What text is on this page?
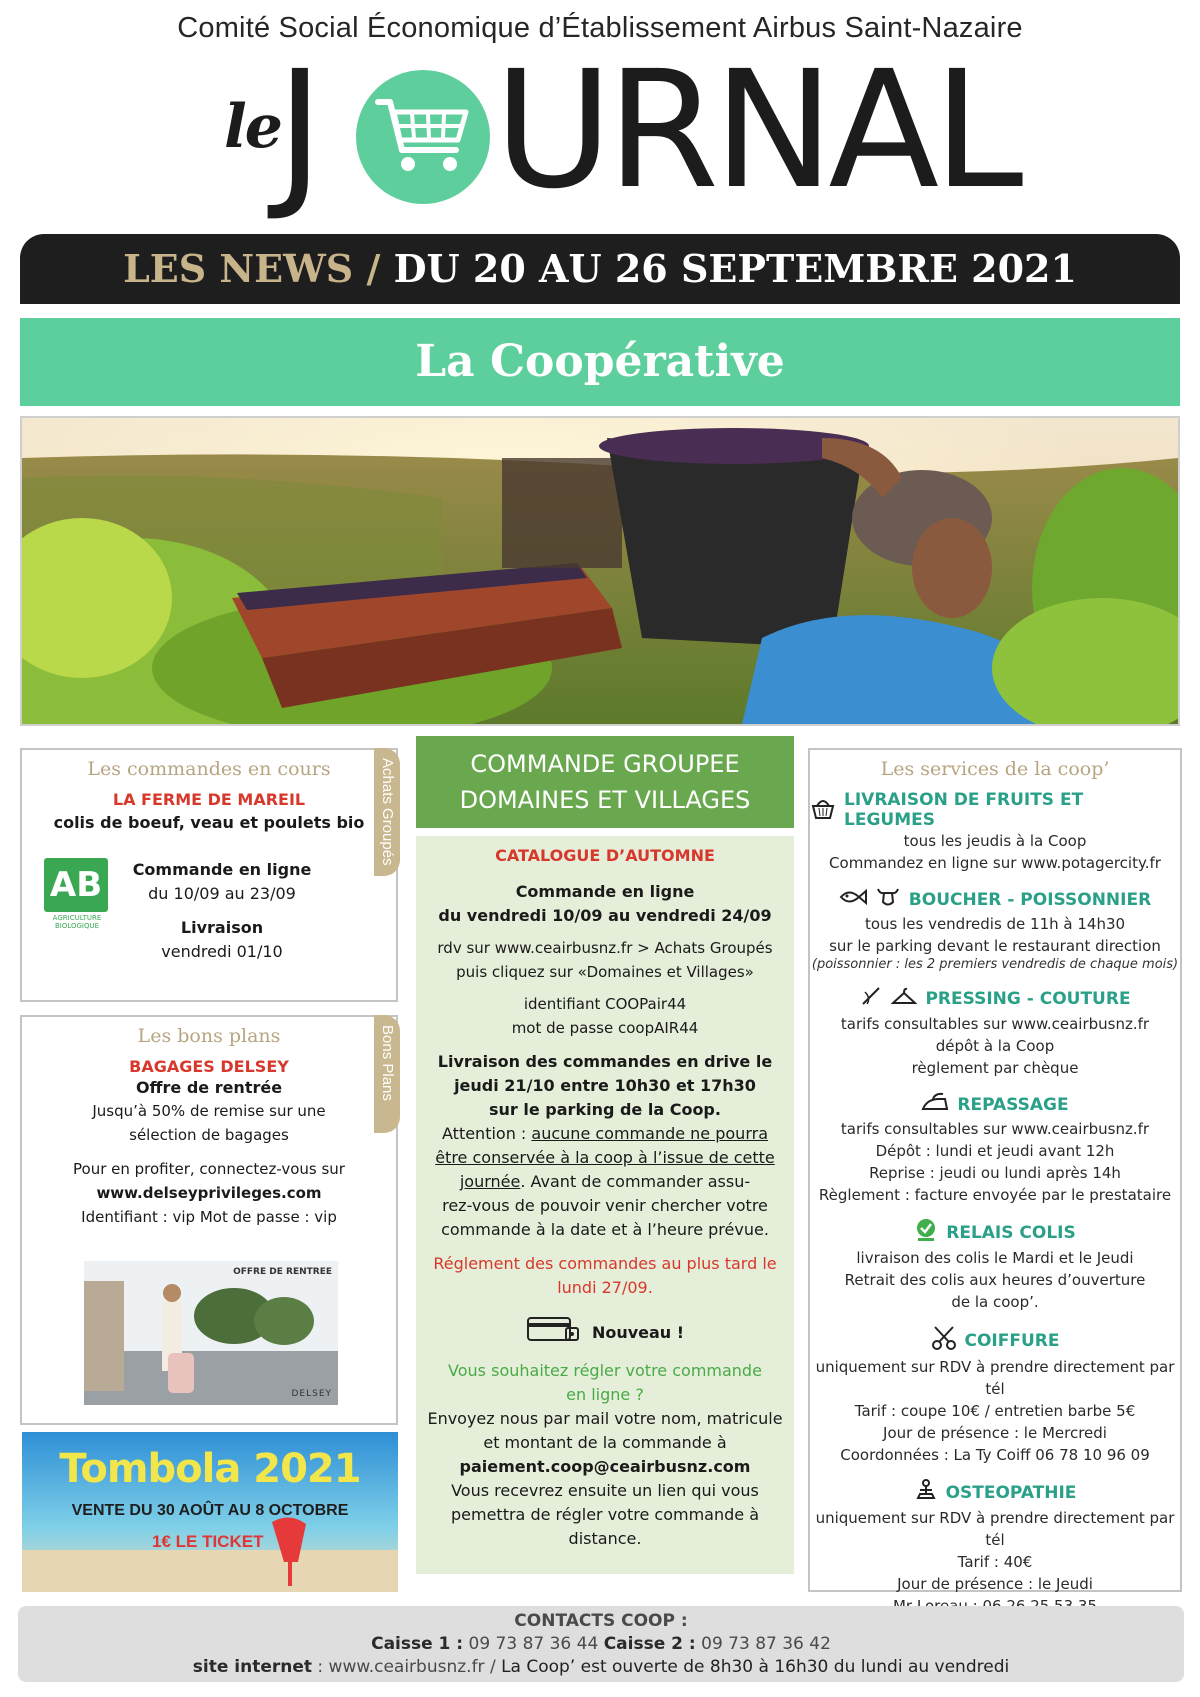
Comité Social Économique d’Établissement Airbus Saint-Nazaire
le
J URNAL
LES NEWS / DU 20 AU 26 SEPTEMBRE 2021
La Coopérative
Les commandes en cours
LA FERME DE MAREIL
colis de boeuf, veau et poulets bio
AB
AGRICULTURE
BIOLOGIQUE
Commande en ligne
du 10/09 au 23/09
Livraison
vendredi 01/10
Achats Groupés
Les bons plans
BAGAGES DELSEY
Offre de rentrée
Jusqu’à 50% de remise sur une
sélection de bagages
Pour en profiter, connectez-vous sur
www.delseyprivileges.com
Identifiant : vip Mot de passe : vip
OFFRE DE RENTREE
DELSEY
Bons Plans
Tombola 2021
VENTE DU 30 AOÛT AU 8 OCTOBRE
1€ LE TICKET
COMMANDE GROUPEE
DOMAINES ET VILLAGES
CATALOGUE D’AUTOMNE
Commande en ligne
du vendredi 10/09 au vendredi 24/09
rdv sur www.ceairbusnz.fr > Achats Groupés
puis cliquez sur «Domaines et Villages»
identifiant COOPair44
mot de passe coopAIR44
Livraison des commandes en drive le
jeudi 21/10 entre 10h30 et 17h30
sur le parking de la Coop.
Attention : aucune commande ne pourra
être conservée à la coop à l’issue de cette
journée. Avant de commander assu-
rez-vous de pouvoir venir chercher votre
commande à la date et à l’heure prévue.
Réglement des commandes au plus tard le
lundi 27/09.
Nouveau !
Vous souhaitez régler votre commande
en ligne ?
Envoyez nous par mail votre nom, matricule
et montant de la commande à
paiement.coop@ceairbusnz.com
Vous recevrez ensuite un lien qui vous
pemettra de régler votre commande à
distance.
Les services de la coop’
LIVRAISON DE FRUITS ET LEGUMES
tous les jeudis à la Coop
Commandez en ligne sur www.potagercity.fr
BOUCHER - POISSONNIER
tous les vendredis de 11h à 14h30
sur le parking devant le restaurant direction
(poissonnier : les 2 premiers vendredis de chaque mois)
PRESSING - COUTURE
tarifs consultables sur www.ceairbusnz.fr
dépôt à la Coop
règlement par chèque
REPASSAGE
tarifs consultables sur www.ceairbusnz.fr
Dépôt : lundi et jeudi avant 12h
Reprise : jeudi ou lundi après 14h
Règlement : facture envoyée par le prestataire
RELAIS COLIS
livraison des colis le Mardi et le Jeudi
Retrait des colis aux heures d’ouverture
de la coop’.
COIFFURE
uniquement sur RDV à prendre directement par tél
Tarif : coupe 10€ / entretien barbe 5€
Jour de présence : le Mercredi
Coordonnées : La Ty Coiff 06 78 10 96 09
OSTEOPATHIE
uniquement sur RDV à prendre directement par tél
Tarif : 40€
Jour de présence : le Jeudi
CONTACTS COOP :
Caisse 1 : 09 73 87 36 44 Caisse 2 : 09 73 87 36 42
site internet : www.ceairbusnz.fr / La Coop’ est ouverte de 8h30 à 16h30 du lundi au vendredi
